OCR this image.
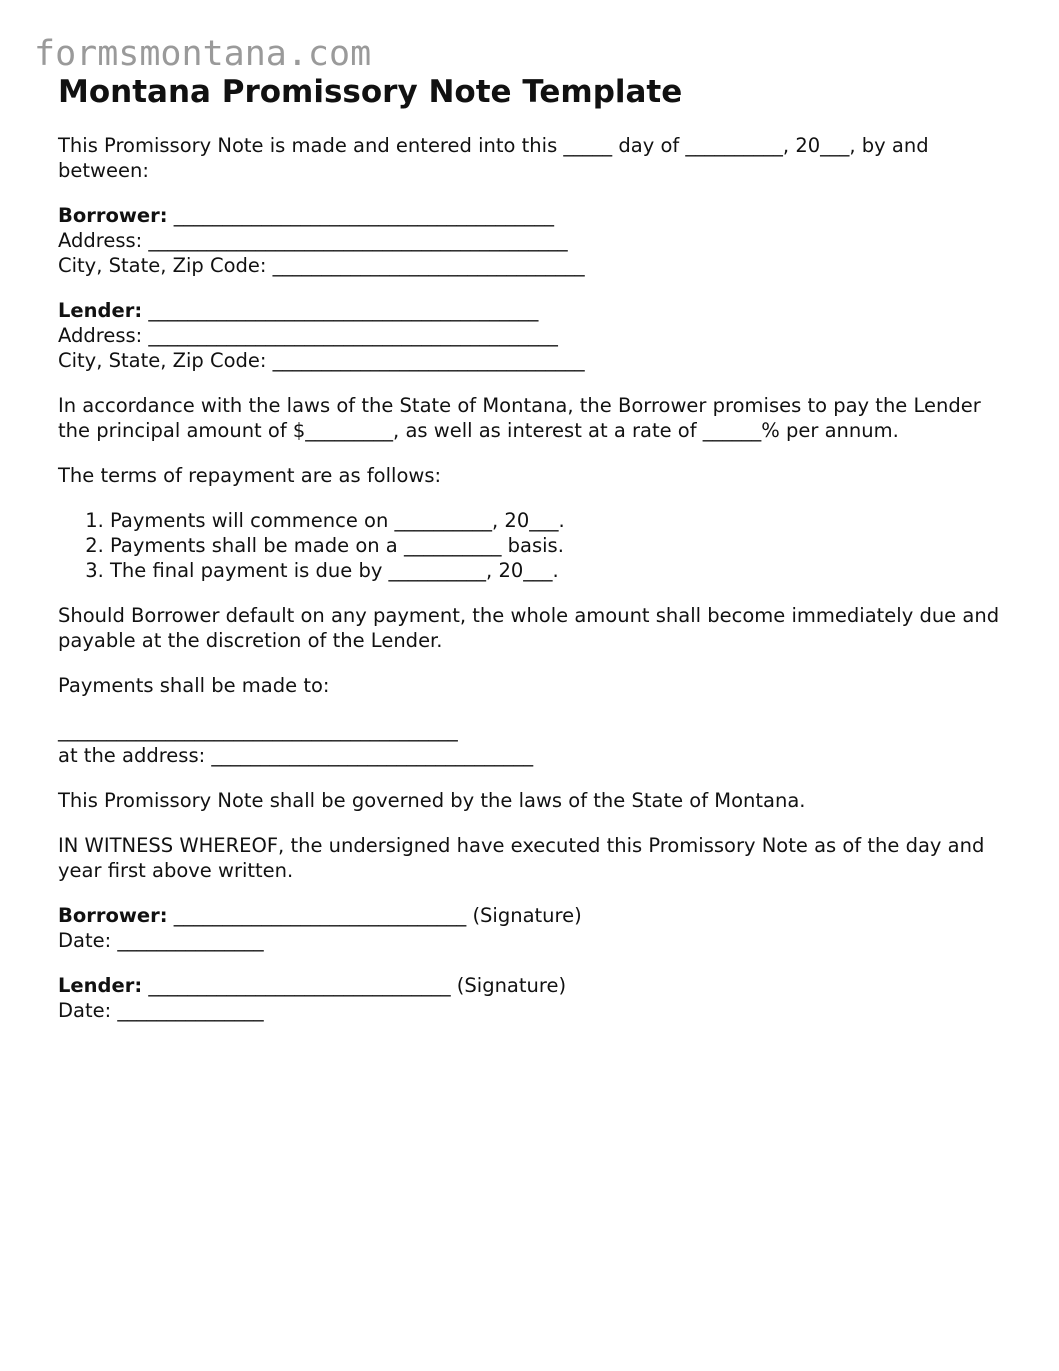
formsmontana.com
Montana Promissory Note Template

This Promissory Note is made and entered into this _____ day of __________, 20___, by and between:

Borrower: _______________________________________
Address: ___________________________________________
City, State, Zip Code: ________________________________
Lender: ________________________________________
Address: __________________________________________
City, State, Zip Code: ________________________________

In accordance with the laws of the State of Montana, the Borrower promises to pay the Lender the principal amount of $_________, as well as interest at a rate of ______% per annum.

The terms of repayment are as follows:

1. Payments will commence on __________, 20___.
2. Payments shall be made on a __________ basis.
3. The final payment is due by __________, 20___.

Should Borrower default on any payment, the whole amount shall become immediately due and payable at the discretion of the Lender.

Payments shall be made to:

_________________________________________
at the address: _________________________________

This Promissory Note shall be governed by the laws of the State of Montana.

IN WITNESS WHEREOF, the undersigned have executed this Promissory Note as of the day and year first above written.

Borrower: ______________________________ (Signature)
Date: _______________
Lender: _______________________________ (Signature)
Date: _______________
